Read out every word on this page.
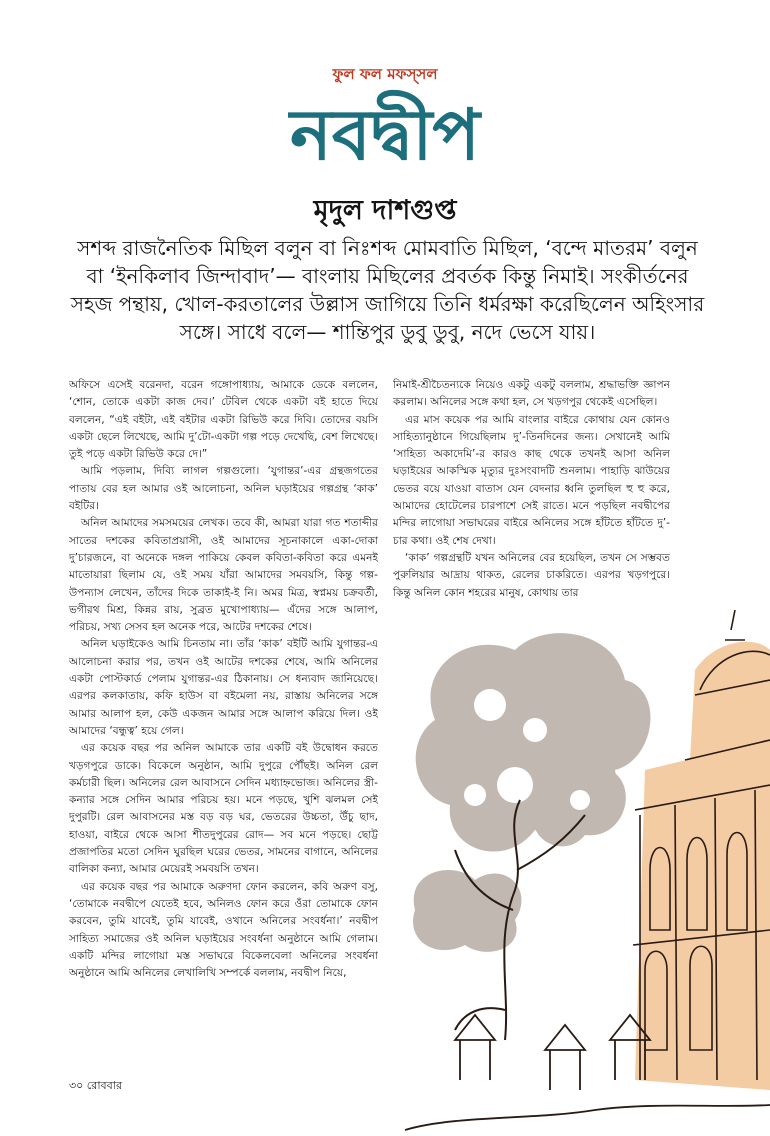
ফুল ফল মফস্‌সল
নবদ্বীপ
মৃদুল দাশগুপ্ত
সশব্দ রাজনৈতিক মিছিল বলুন বা নিঃশব্দ মোমবাতি মিছিল, ‘বন্দে মাতরম’ বলুন বা ‘ইনকিলাব জিন্দাবাদ’— বাংলায় মিছিলের প্রবর্তক কিন্তু নিমাই। সংকীর্তনের সহজ পন্থায়, খোল-করতালের উল্লাস জাগিয়ে তিনি ধর্মরক্ষা করেছিলেন অহিংসার সঙ্গে। সাধে বলে— শান্তিপুর ডুবু ডুবু, নদে ভেসে যায়।

অফিসে এসেই বরেনদা, বরেন গঙ্গোপাধ্যায়, আমাকে ডেকে বললেন, ‘শোন, তোকে একটা কাজ দেব।’ টেবিল থেকে একটা বই হাতে দিয়ে বললেন, “এই বইটা, এই বইটার একটা রিভিউ করে দিবি। তোদের বয়সি একটা ছেলে লিখেছে, আমি দু’টো-একটা গল্প পড়ে দেখেছি, বেশ লিখেছে। তুই পড়ে একটা রিভিউ করে দে।”

আমি পড়লাম, দিব্যি লাগল গল্পগুলো। ‘যুগান্তর’-এর গ্রন্থজগতের পাতায় বের হল আমার ওই আলোচনা, অনিল ঘড়াইয়ের গল্পগ্রন্থ ‘কাক’ বইটির।

অনিল আমাদের সমসময়ের লেখক। তবে কী, আমরা যারা গত শতাব্দীর সাতের দশকের কবিতাপ্রয়াসী, ওই আমাদের সূচনাকালে একা-দোকা দু’চারজনে, বা অনেকে দঙ্গল পাকিয়ে কেবল কবিতা-কবিতা করে এমনই মাতোয়ারা ছিলাম যে, ওই সময় যাঁরা আমাদের সমবয়সি, কিন্তু গল্প-উপন্যাস লেখেন, তাঁদের দিকে তাকাই-ই নি। অমর মিত্র, স্বপ্নময় চক্রবর্তী, ভগীরথ মিশ্র, কিন্নর রায়, সুব্রত মুখোপাধ্যায়— এঁদের সঙ্গে আলাপ, পরিচয়, সখ্য সেসব হল অনেক পরে, আটের দশকের শেষে।

অনিল ঘড়াইকেও আমি চিনতাম না। তাঁর ‘কাক’ বইটি আমি যুগান্তর-এ আলোচনা করার পর, তখন ওই আটের দশকের শেষে, আমি অনিলের একটা পোস্টকার্ড পেলাম যুগান্তর-এর ঠিকানায়। সে ধন্যবাদ জানিয়েছে। এরপর কলকাতায়, কফি হাউস বা বইমেলা নয়, রাস্তায় অনিলের সঙ্গে আমার আলাপ হল, কেউ একজন আমার সঙ্গে আলাপ করিয়ে দিল। ওই আমাদের ‘বন্ধুত্ব’ হয়ে গেল।

এর কয়েক বছর পর অনিল আমাকে তার একটি বই উদ্বোধন করতে খড়গপুরে ডাকে। বিকেলে অনুষ্ঠান, আমি দুপুরে পৌঁছই। অনিল রেল কর্মচারী ছিল। অনিলের রেল আবাসনে সেদিন মধ্যাহ্নভোজ। অনিলের স্ত্রী-কন্যার সঙ্গে সেদিন আমার পরিচয় হয়। মনে পড়ছে, খুশি ঝলমল সেই দুপুরটি। রেল আবাসনের মস্ত বড় বড় ঘর, ভেতরের উচ্চতা, উঁচু ছাদ, হাওয়া, বাইরে থেকে আসা শীতদুপুরের রোদ— সব মনে পড়ছে। ছোট্ট প্রজাপতির মতো সেদিন ঘুরছিল ঘরের ভেতর, সামনের বাগানে, অনিলের বালিকা কন্যা, আমার মেয়েরই সমবয়সি তখন।

এর কয়েক বছর পর আমাকে অরুণদা ফোন করলেন, কবি অরুণ বসু, ‘তোমাকে নবদ্বীপে যেতেই হবে, অনিলও ফোন করে ওঁরা তোমাকে ফোন করবেন, তুমি যাবেই, তুমি যাবেই, ওখানে অনিলের সংবর্ধনা।’ নবদ্বীপ সাহিত্য সমাজের ওই অনিল ঘড়াইয়ের সংবর্ধনা অনুষ্ঠানে আমি গেলাম। একটি মন্দির লাগোয়া মস্ত সভাঘরে বিকেলবেলা অনিলের সংবর্ধনা অনুষ্ঠানে আমি অনিলের লেখালিখি সম্পর্কে বললাম, নবদ্বীপ নিয়ে,

নিমাই-শ্রীচৈতন্যকে নিয়েও একটু একটু বললাম, শ্রদ্ধাভক্তি জ্ঞাপন করলাম। অনিলের সঙ্গে কথা হল, সে খড়গপুর থেকেই এসেছিল।

এর মাস কয়েক পর আমি বাংলার বাইরে কোথায় যেন কোনও সাহিত্যানুষ্ঠানে গিয়েছিলাম দু’-তিনদিনের জন্য। সেখানেই আমি ‘সাহিত্য অকাদেমি’-র কারও কাছ থেকে তখনই আসা অনিল ঘড়াইয়ের আকস্মিক মৃত্যুর দুঃসংবাদটি শুনলাম। পাহাড়ি ঝাউয়ের ভেতর বয়ে যাওয়া বাতাস যেন বেদনার ধ্বনি তুলছিল হু হু করে, আমাদের হোটেলের চারপাশে সেই রাতে। মনে পড়ছিল নবদ্বীপের মন্দির লাগোয়া সভাঘরের বাইরে অনিলের সঙ্গে হাঁটতে হাঁটতে দু’-চার কথা। ওই শেষ দেখা।

‘কাক’ গল্পগ্রন্থটি যখন অনিলের বের হয়েছিল, তখন সে সম্ভবত পুরুলিয়ার আদ্রায় থাকত, রেলের চাকরিতে। এরপর খড়গপুরে। কিন্তু অনিল কোন শহরের মানুষ, কোথায় তার

৩০ রোববার
